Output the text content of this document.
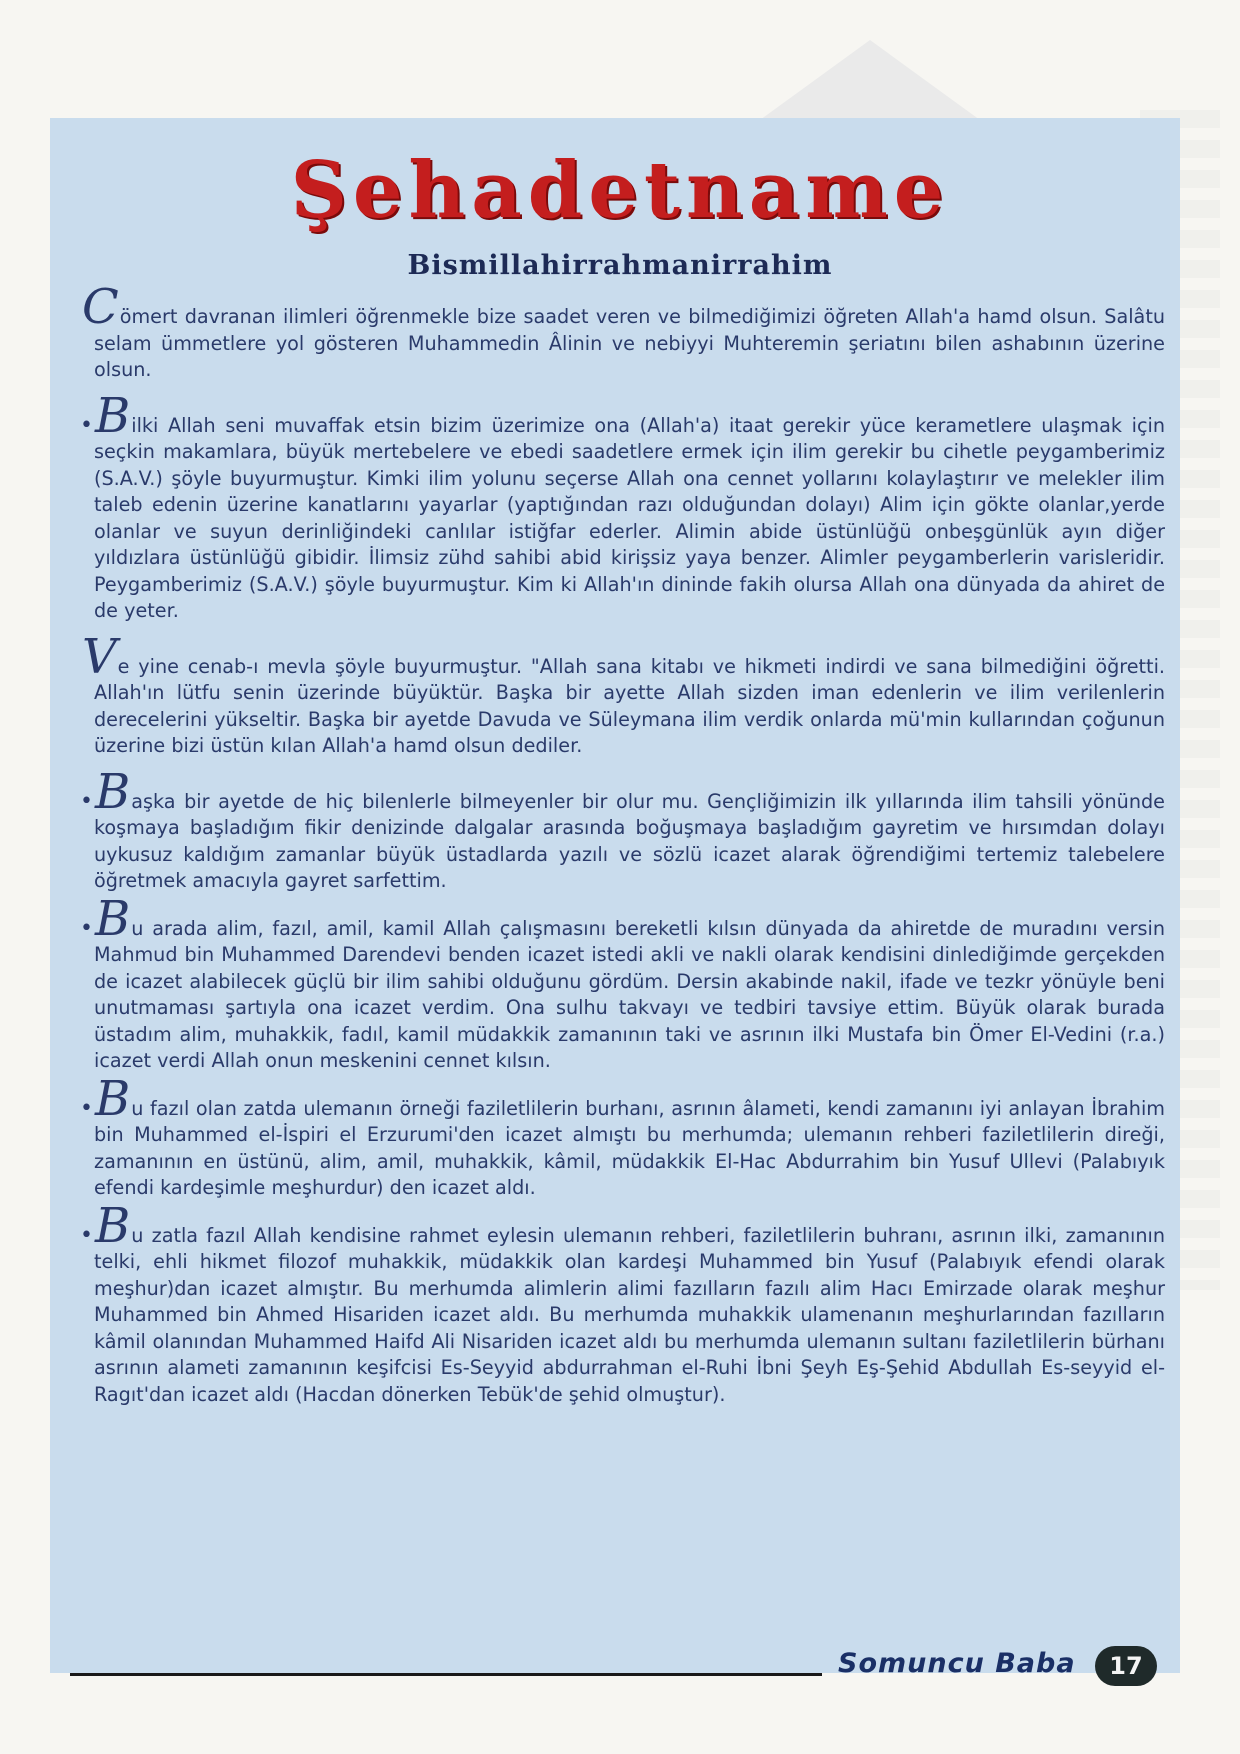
Şehadetname
Bismillahirrahmanirrahim

Cömert davranan ilimleri öğrenmekle bize saadet veren ve bilmediğimizi öğreten Allah'a hamd olsun. Salâtu selam ümmetlere yol gösteren Muhammedin Âlinin ve nebiyyi Muhteremin şeriatını bilen ashabının üzerine olsun.

•Bilki Allah seni muvaffak etsin bizim üzerimize ona (Allah'a) itaat gerekir yüce kerametlere ulaşmak için seçkin makamlara, büyük mertebelere ve ebedi saadetlere ermek için ilim gerekir bu cihetle peygamberimiz (S.A.V.) şöyle buyurmuştur. Kimki ilim yolunu seçerse Allah ona cennet yollarını kolaylaştırır ve melekler ilim taleb edenin üzerine kanatlarını yayarlar (yaptığından razı olduğundan dolayı) Alim için gökte olanlar,yerde olanlar ve suyun derinliğindeki canlılar istiğfar ederler. Alimin abide üstünlüğü onbeşgünlük ayın diğer yıldızlara üstünlüğü gibidir. İlimsiz zühd sahibi abid kirişsiz yaya benzer. Alimler peygamberlerin varisleridir. Peygamberimiz (S.A.V.) şöyle buyurmuştur. Kim ki Allah'ın dininde fakih olursa Allah ona dünyada da ahiret de de yeter.

Ve yine cenab-ı mevla şöyle buyurmuştur. "Allah sana kitabı ve hikmeti indirdi ve sana bilmediğini öğretti. Allah'ın lütfu senin üzerinde büyüktür. Başka bir ayette Allah sizden iman edenlerin ve ilim verilenlerin derecelerini yükseltir. Başka bir ayetde Davuda ve Süleymana ilim verdik onlarda mü'min kullarından çoğunun üzerine bizi üstün kılan Allah'a hamd olsun dediler.

•Başka bir ayetde de hiç bilenlerle bilmeyenler bir olur mu. Gençliğimizin ilk yıllarında ilim tahsili yönünde koşmaya başladığım fikir denizinde dalgalar arasında boğuşmaya başladığım gayretim ve hırsımdan dolayı uykusuz kaldığım zamanlar büyük üstadlarda yazılı ve sözlü icazet alarak öğrendiğimi tertemiz talebelere öğretmek amacıyla gayret sarfettim.

•Bu arada alim, fazıl, amil, kamil Allah çalışmasını bereketli kılsın dünyada da ahiretde de muradını versin Mahmud bin Muhammed Darendevi benden icazet istedi akli ve nakli olarak kendisini dinlediğimde gerçekden de icazet alabilecek güçlü bir ilim sahibi olduğunu gördüm. Dersin akabinde nakil, ifade ve tezkr yönüyle beni unutmaması şartıyla ona icazet verdim. Ona sulhu takvayı ve tedbiri tavsiye ettim. Büyük olarak burada üstadım alim, muhakkik, fadıl, kamil müdakkik zamanının taki ve asrının ilki Mustafa bin Ömer El-Vedini (r.a.) icazet verdi Allah onun meskenini cennet kılsın.

•Bu fazıl olan zatda ulemanın örneği faziletlilerin burhanı, asrının âlameti, kendi zamanını iyi anlayan İbrahim bin Muhammed el-İspiri el Erzurumi'den icazet almıştı bu merhumda; ulemanın rehberi faziletlilerin direği, zamanının en üstünü, alim, amil, muhakkik, kâmil, müdakkik El-Hac Abdurrahim bin Yusuf Ullevi (Palabıyık efendi kardeşimle meşhurdur) den icazet aldı.

•Bu zatla fazıl Allah kendisine rahmet eylesin ulemanın rehberi, faziletlilerin buhranı, asrının ilki, zamanının telki, ehli hikmet filozof muhakkik, müdakkik olan kardeşi Muhammed bin Yusuf (Palabıyık efendi olarak meşhur)dan icazet almıştır. Bu merhumda alimlerin alimi fazılların fazılı alim Hacı Emirzade olarak meşhur Muhammed bin Ahmed Hisariden icazet aldı. Bu merhumda muhakkik ulamenanın meşhurlarından fazılların kâmil olanından Muhammed Haifd Ali Nisariden icazet aldı bu merhumda ulemanın sultanı faziletlilerin bürhanı asrının alameti zamanının keşifcisi Es-Seyyid abdurrahman el-Ruhi İbni Şeyh Eş-Şehid Abdullah Es-seyyid el-Ragıt'dan icazet aldı (Hacdan dönerken Tebük'de şehid olmuştur).

Somuncu Baba	17
